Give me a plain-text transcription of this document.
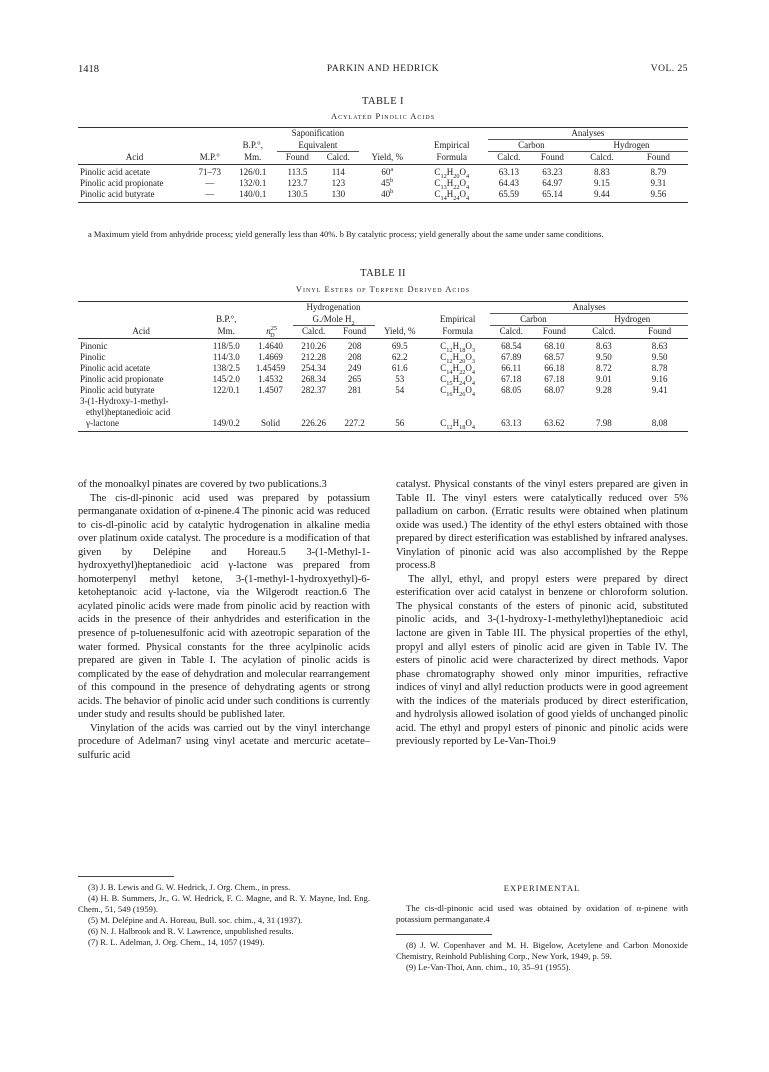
1418	PARKIN AND HEDRICK	VOL. 25
TABLE I
Acylated Pinolic Acids
			Saponification				Analyses			
		B.P.°,	Equivalent			Empirical	Carbon		Hydrogen	
Acid	M.P.°	Mm.	Found	Calcd.	Yield, %	Formula	Calcd.	Found	Calcd.	Found
Pinolic acid acetate	71–73	126/0.1	113.5	114	60$^a$	$C_{12}H_{20}O_4$	63.13	63.23	8.83	8.79
Pinolic acid propionate	—	132/0.1	123.7	123	45$^b$	$C_{13}H_{22}O_4$	64.43	64.97	9.15	9.31
Pinolic acid butyrate	—	140/0.1	130.5	130	40$^b$	$C_{14}H_{24}O_4$	65.59	65.14	9.44	9.56
a Maximum yield from anhydride process; yield generally less than 40%. b By catalytic process; yield generally about the same under same conditions.
TABLE II
Vinyl Esters of Terpene Derived Acids
			Hydrogenation				Analyses			
	B.P.°,		G./Mole $H_2$			Empirical	Carbon		Hydrogen	
Acid	Mm.	$n^{25}_D$	Calcd.	Found	Yield, %	Formula	Calcd.	Found	Calcd.	Found
Pinonic	118/5.0	1.4640	210.26	208	69.5	$C_{12}H_{18}O_3$	68.54	68.10	8.63	8.63
Pinolic	114/3.0	1.4669	212.28	208	62.2	$C_{12}H_{20}O_3$	67.89	68.57	9.50	9.50
Pinolic acid acetate	138/2.5	1.45459	254.34	249	61.6	$C_{14}H_{22}O_4$	66.11	66.18	8.72	8.78
Pinolic acid propionate	145/2.0	1.4532	268.34	265	53	$C_{15}H_{24}O_4$	67.18	67.18	9.01	9.16
Pinolic acid butyrate	122/0.1	1.4507	282.37	281	54	$C_{16}H_{26}O_4$	68.05	68.07	9.28	9.41
3-(1-Hydroxy-1-methyl-										
ethyl)heptanedioic acid										
γ-lactone	149/0.2	Solid	226.26	227.2	56	$C_{12}H_{18}O_4$	63.13	63.62	7.98	8.08

of the monoalkyl pinates are covered by two publications.3

The cis-dl-pinonic acid used was prepared by potassium permanganate oxidation of α-pinene.4 The pinonic acid was reduced to cis-dl-pinolic acid by catalytic hydrogenation in alkaline media over platinum oxide catalyst. The procedure is a modification of that given by Delépine and Horeau.5 3-(1-Methyl-1-hydroxyethyl)heptanedioic acid γ-lactone was prepared from homoterpenyl methyl ketone, 3-(1-methyl-1-hydroxyethyl)-6-ketoheptanoic acid γ-lactone, via the Wilgerodt reaction.6 The acylated pinolic acids were made from pinolic acid by reaction with acids in the presence of their anhydrides and esterification in the presence of p-toluenesulfonic acid with azeotropic separation of the water formed. Physical constants for the three acylpinolic acids prepared are given in Table I. The acylation of pinolic acids is complicated by the ease of dehydration and molecular rearrangement of this compound in the presence of dehydrating agents or strong acids. The behavior of pinolic acid under such conditions is currently under study and results should be published later.

Vinylation of the acids was carried out by the vinyl interchange procedure of Adelman7 using vinyl acetate and mercuric acetate–sulfuric acid

catalyst. Physical constants of the vinyl esters prepared are given in Table II. The vinyl esters were catalytically reduced over 5% palladium on carbon. (Erratic results were obtained when platinum oxide was used.) The identity of the ethyl esters obtained with those prepared by direct esterification was established by infrared analyses. Vinylation of pinonic acid was also accomplished by the Reppe process.8

The allyl, ethyl, and propyl esters were prepared by direct esterification over acid catalyst in benzene or chloroform solution. The physical constants of the esters of pinonic acid, substituted pinolic acids, and 3-(1-hydroxy-1-methylethyl)heptanedioic acid lactone are given in Table III. The physical properties of the ethyl, propyl and allyl esters of pinolic acid are given in Table IV. The esters of pinolic acid were characterized by direct methods. Vapor phase chromatography showed only minor impurities, refractive indices of vinyl and allyl reduction products were in good agreement with the indices of the materials produced by direct esterification, and hydrolysis allowed isolation of good yields of unchanged pinolic acid. The ethyl and propyl esters of pinonic and pinolic acids were previously reported by Le-Van-Thoi.9

(3) J. B. Lewis and G. W. Hedrick, J. Org. Chem., in press.

(4) H. B. Summers, Jr., G. W. Hedrick, F. C. Magne, and R. Y. Mayne, Ind. Eng. Chem., 51, 549 (1959).

(5) M. Delépine and A. Horeau, Bull. soc. chim., 4, 31 (1937).

(6) N. J. Halbrook and R. V. Lawrence, unpublished results.

(7) R. L. Adelman, J. Org. Chem., 14, 1057 (1949).

EXPERIMENTAL
The cis-dl-pinonic acid used was obtained by oxidation of α-pinene with potassium permanganate.4

(8) J. W. Copenhaver and M. H. Bigelow, Acetylene and Carbon Monoxide Chemistry, Reinhold Publishing Corp., New York, 1949, p. 59.

(9) Le-Van-Thoi, Ann. chim., 10, 35–91 (1955).
